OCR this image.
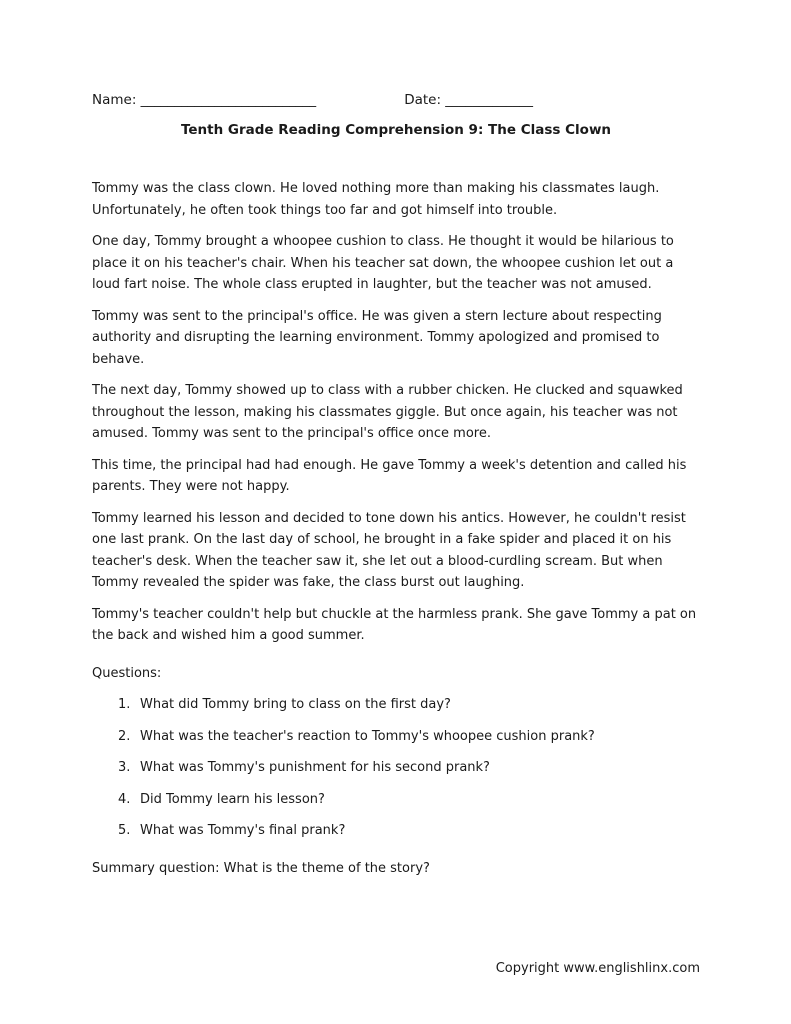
Name: __________________________	Date: _____________
Tenth Grade Reading Comprehension 9: The Class Clown

Tommy was the class clown. He loved nothing more than making his classmates laugh. Unfortunately, he often took things too far and got himself into trouble.

One day, Tommy brought a whoopee cushion to class. He thought it would be hilarious to place it on his teacher's chair. When his teacher sat down, the whoopee cushion let out a loud fart noise. The whole class erupted in laughter, but the teacher was not amused.

Tommy was sent to the principal's office. He was given a stern lecture about respecting authority and disrupting the learning environment. Tommy apologized and promised to behave.

The next day, Tommy showed up to class with a rubber chicken. He clucked and squawked throughout the lesson, making his classmates giggle. But once again, his teacher was not amused. Tommy was sent to the principal's office once more.

This time, the principal had had enough. He gave Tommy a week's detention and called his parents. They were not happy.

Tommy learned his lesson and decided to tone down his antics. However, he couldn't resist one last prank. On the last day of school, he brought in a fake spider and placed it on his teacher's desk. When the teacher saw it, she let out a blood-curdling scream. But when Tommy revealed the spider was fake, the class burst out laughing.

Tommy's teacher couldn't help but chuckle at the harmless prank. She gave Tommy a pat on the back and wished him a good summer.

Questions:

1. What did Tommy bring to class on the first day?
2. What was the teacher's reaction to Tommy's whoopee cushion prank?
3. What was Tommy's punishment for his second prank?
4. Did Tommy learn his lesson?
5. What was Tommy's final prank?

Summary question: What is the theme of the story?

Copyright www.englishlinx.com
